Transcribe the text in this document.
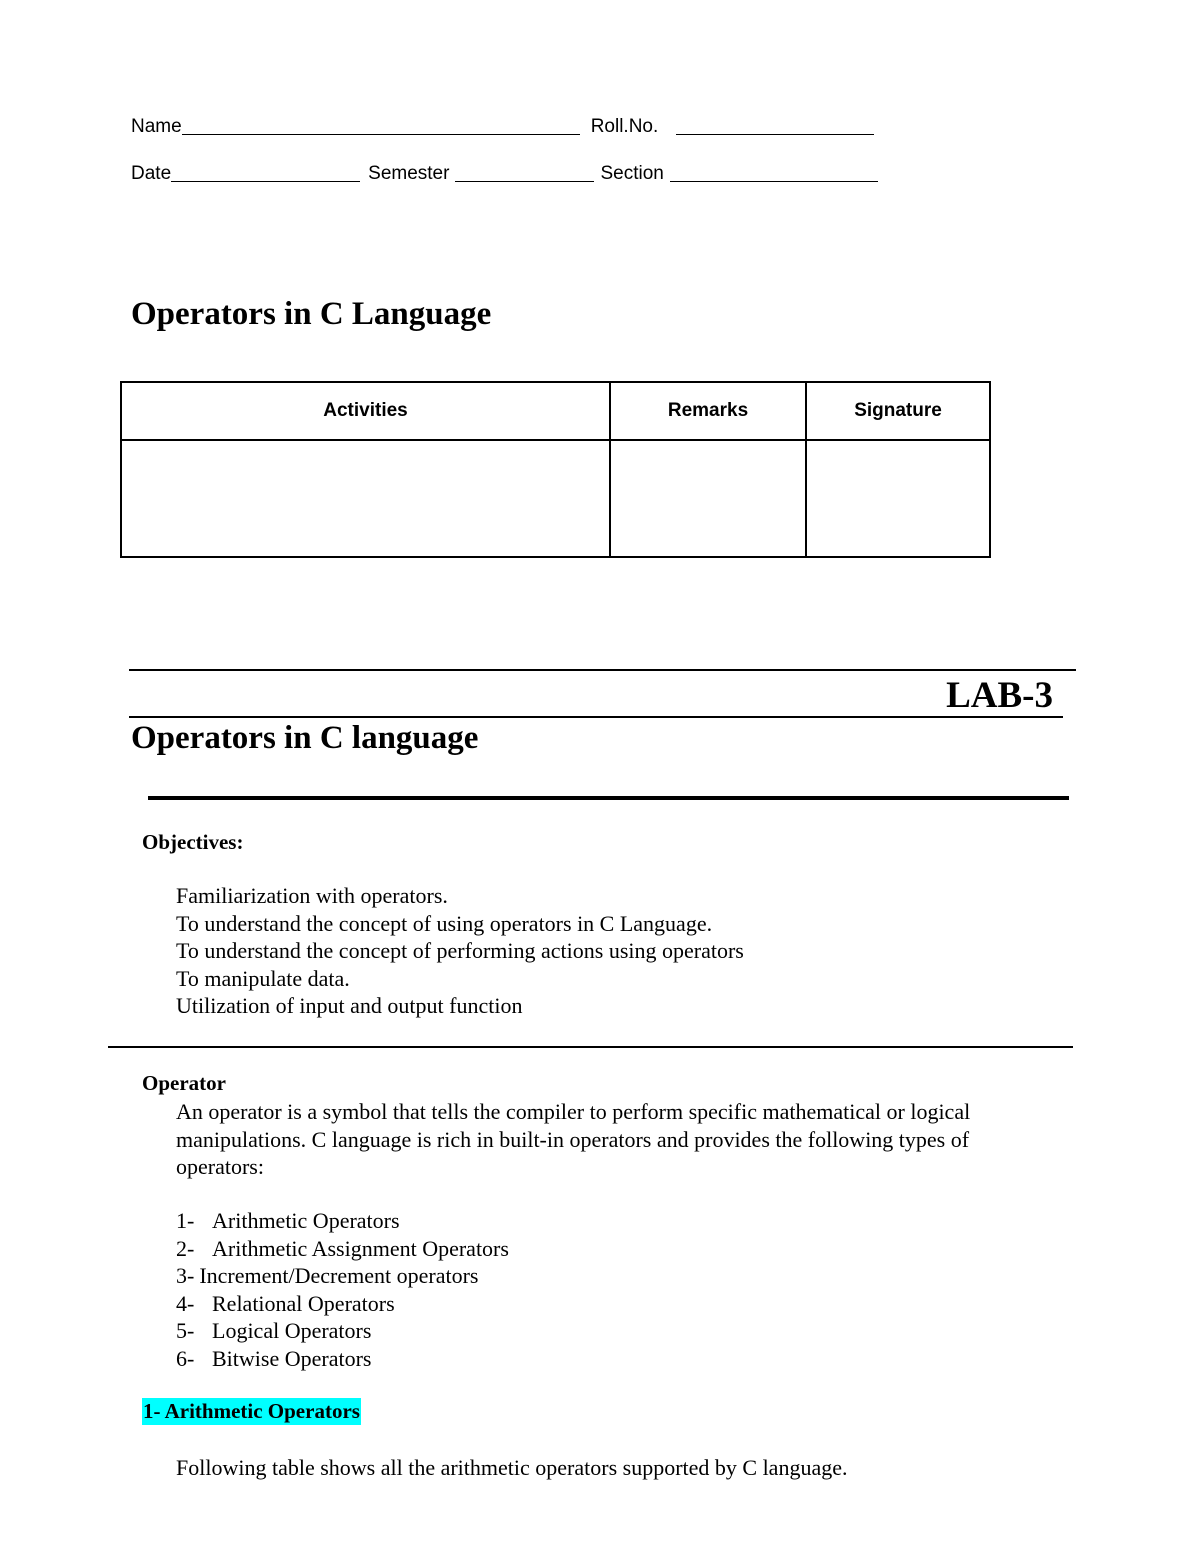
Name	Roll.No.
Date	Semester	Section
Operators in C Language
Activities	Remarks	Signature

LAB-3
Operators in C language
Objectives:
Familiarization with operators.
To understand the concept of using operators in C Language.
To understand the concept of performing actions using operators
To manipulate data.
Utilization of input and output function
Operator
An operator is a symbol that tells the compiler to perform specific mathematical or logical manipulations. C language is rich in built-in operators and provides the following types of operators:
1- Arithmetic Operators
2- Arithmetic Assignment Operators
3- Increment/Decrement operators
4- Relational Operators
5- Logical Operators
6- Bitwise Operators
1- Arithmetic Operators
Following table shows all the arithmetic operators supported by C language.
